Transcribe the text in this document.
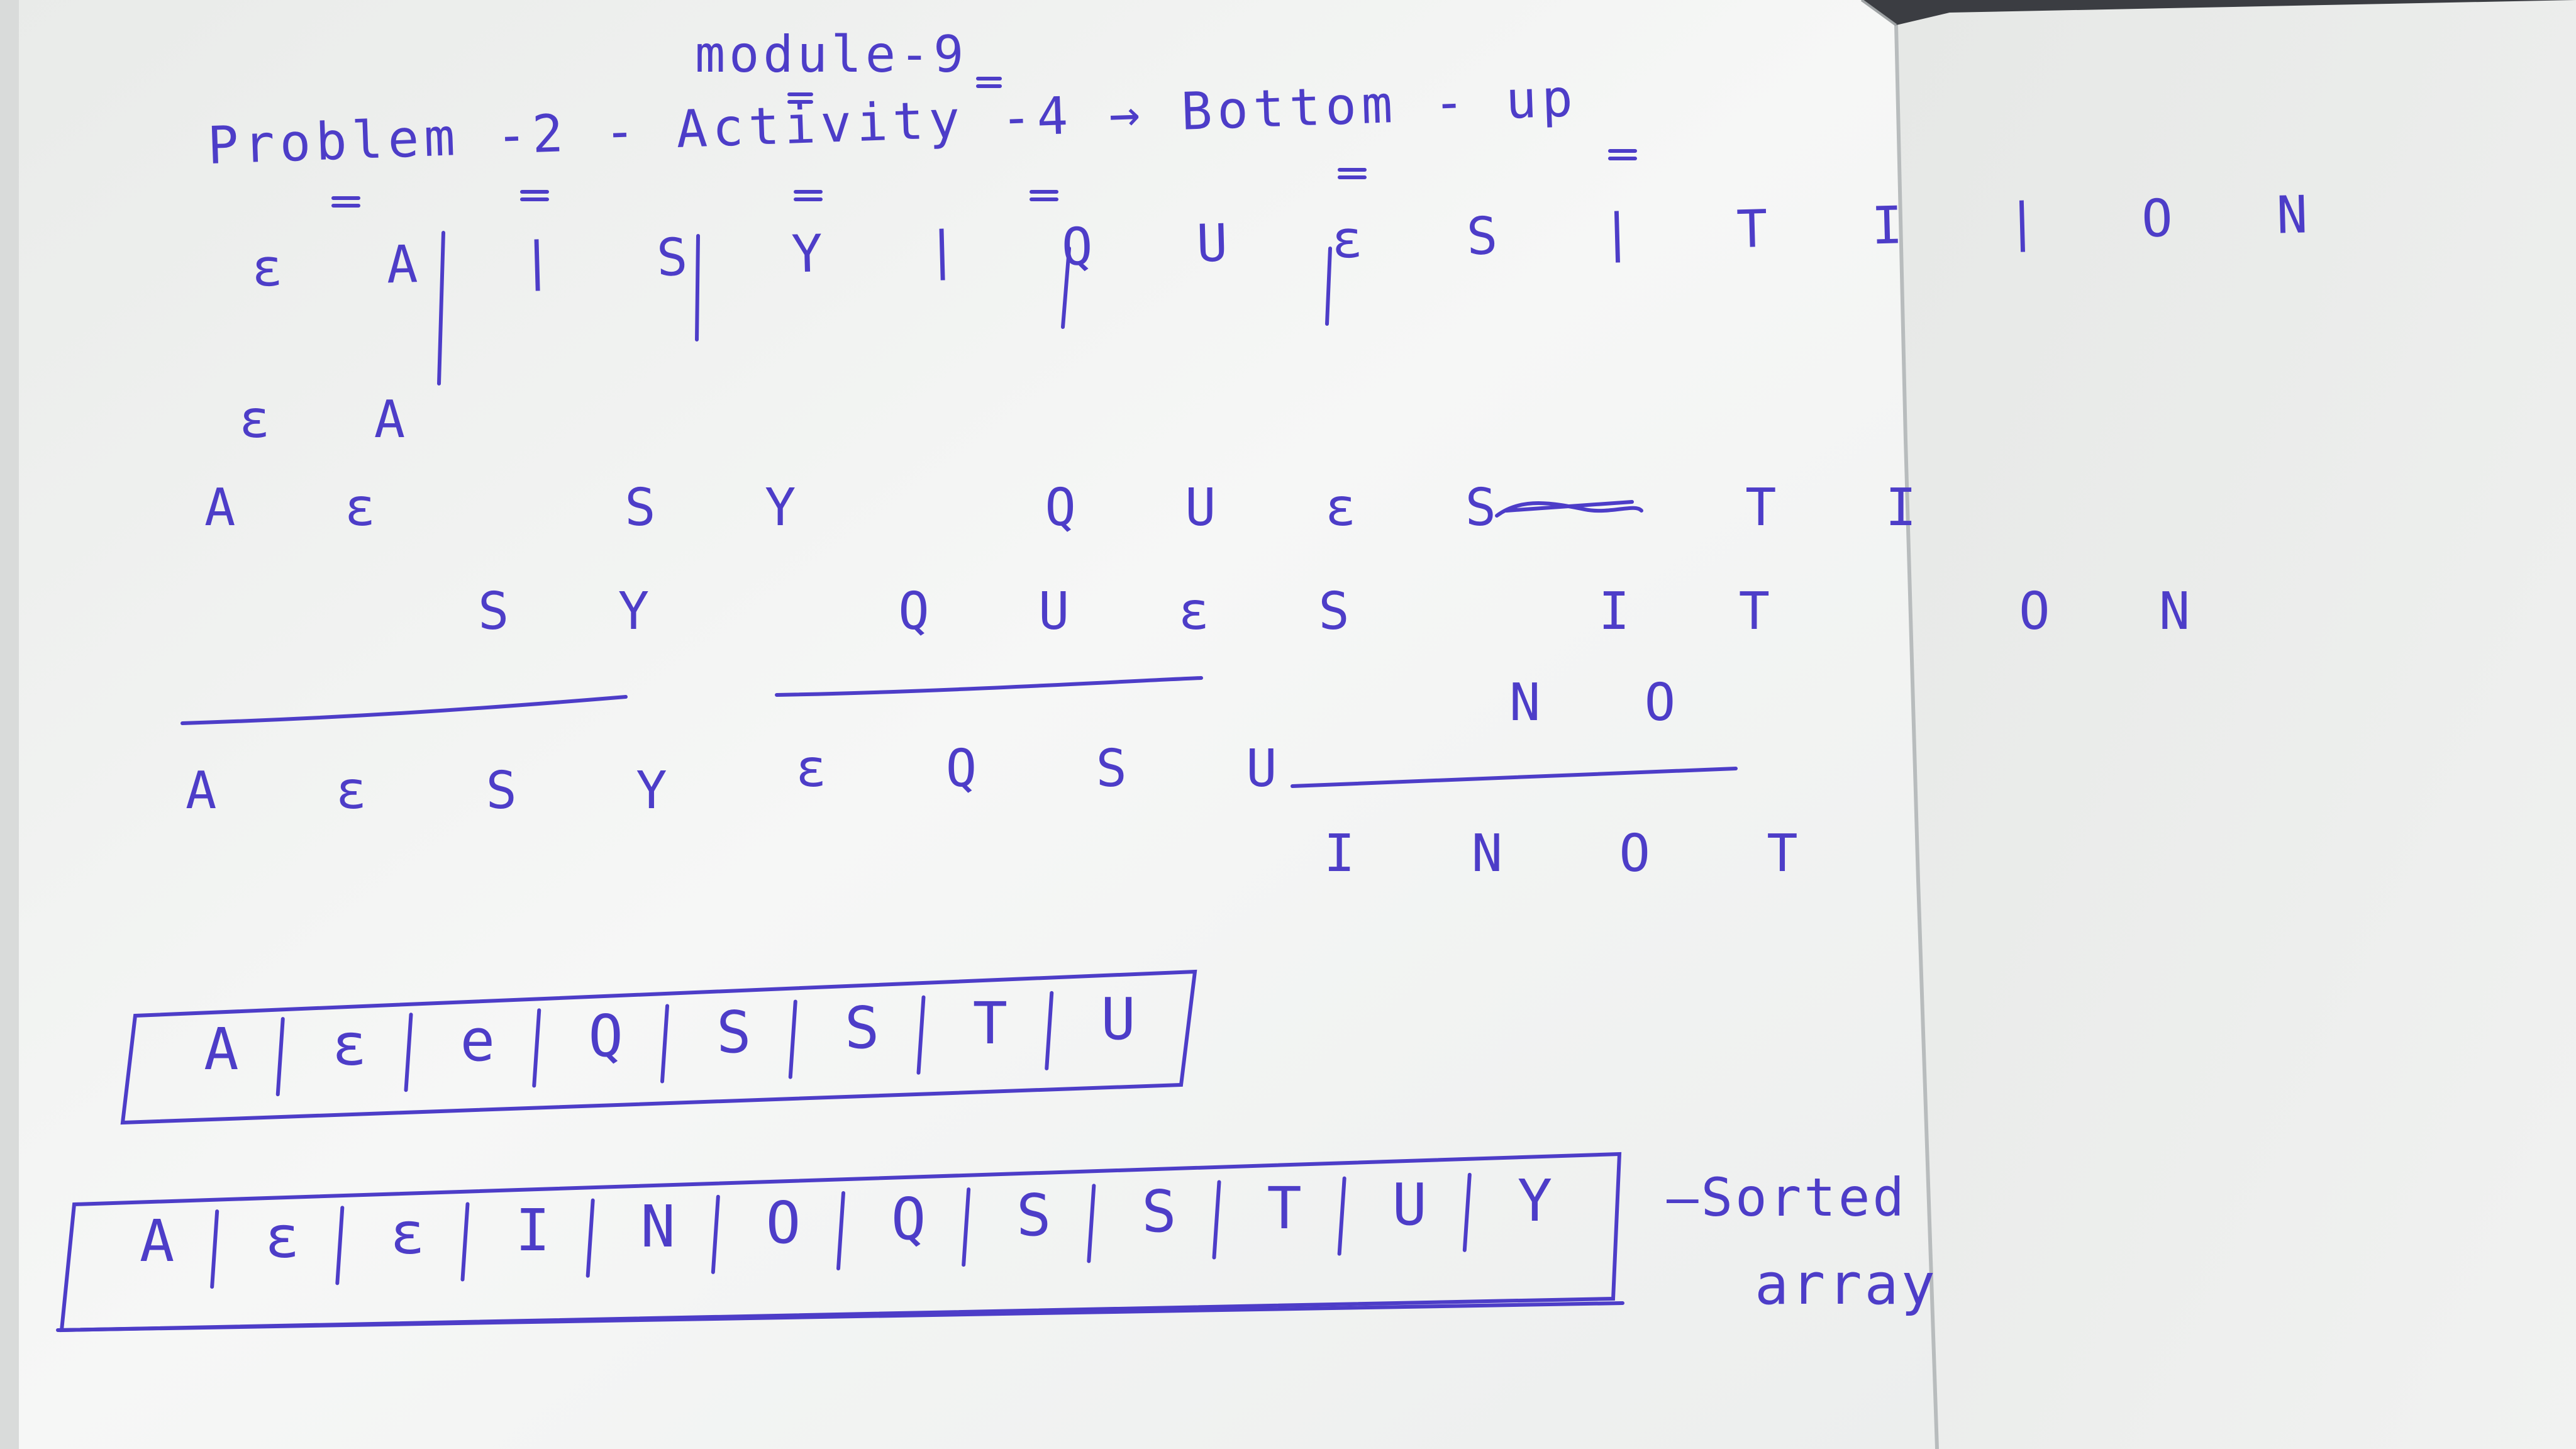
module-9
Problem -2 - Activity -4 → Bottom - up
ε A | S Y | Q U ε S | T I | O N
ε A
A ε   S Y   Q U ε S   T I
S Y   Q U ε S   I T   O N
N O
A ε S Y ε Q S U
I N O T
A	ε	e	Q	S	S	T	U
A	ε	ε	I	N	O	Q	S	S	T	U	Y	—Sorted
array
